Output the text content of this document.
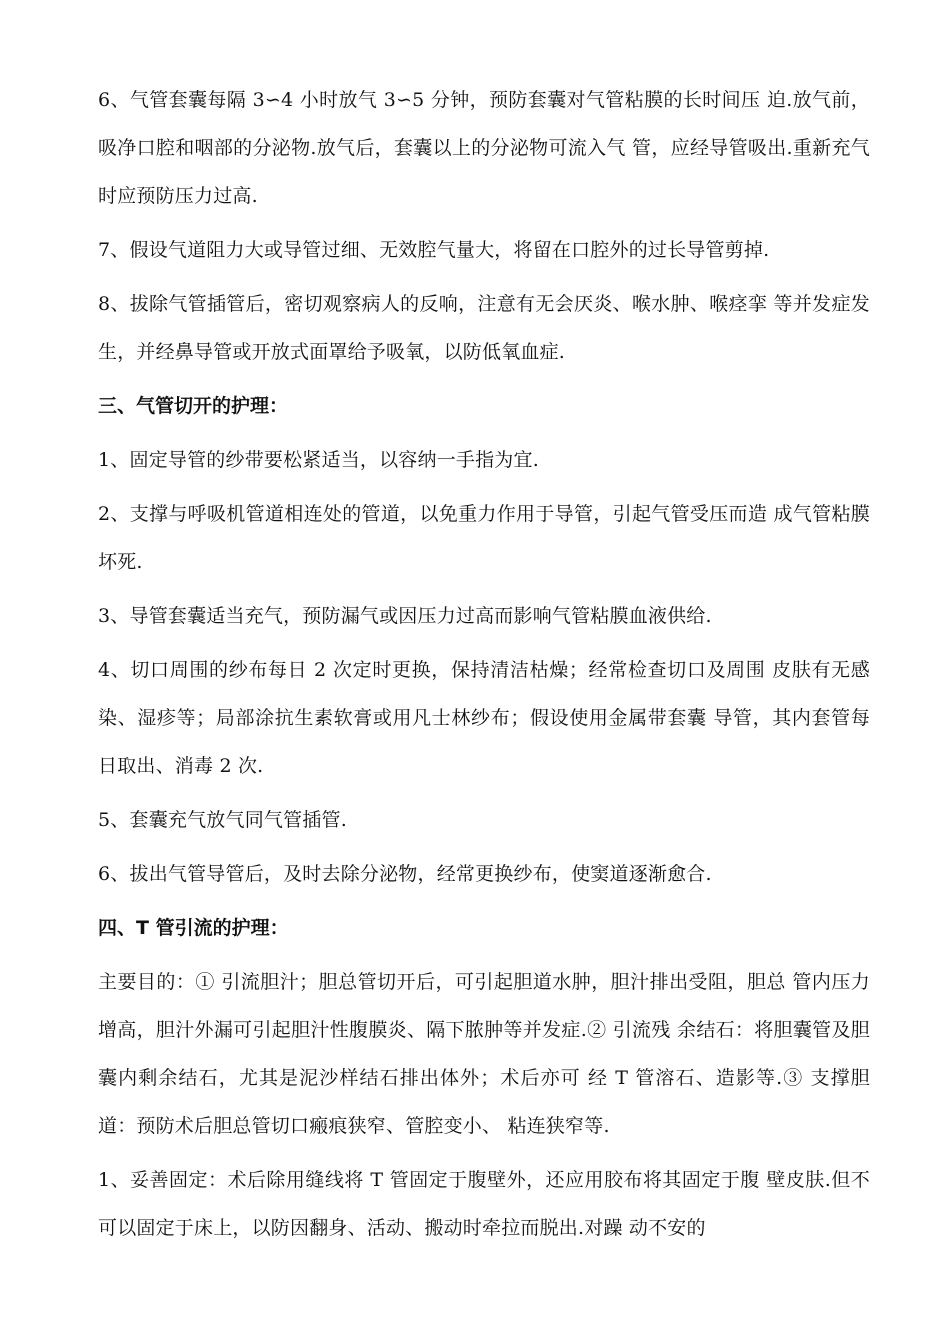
6、气管套囊每隔 3∽4 小时放气 3∽5 分钟，预防套囊对气管粘膜的长时间压 迫.放气前，吸净口腔和咽部的分泌物.放气后，套囊以上的分泌物可流入气 管，应经导管吸出.重新充气时应预防压力过高.

7、假设气道阻力大或导管过细、无效腔气量大，将留在口腔外的过长导管剪掉.

8、拔除气管插管后，密切观察病人的反响，注意有无会厌炎、喉水肿、喉痉挛 等并发症发生，并经鼻导管或开放式面罩给予吸氧，以防低氧血症.

三、气管切开的护理：

1、固定导管的纱带要松紧适当，以容纳一手指为宜.

2、支撑与呼吸机管道相连处的管道，以免重力作用于导管，引起气管受压而造 成气管粘膜坏死.

3、导管套囊适当充气，预防漏气或因压力过高而影响气管粘膜血液供给.

4、切口周围的纱布每日 2 次定时更换，保持清洁枯燥；经常检查切口及周围 皮肤有无感染、湿疹等；局部涂抗生素软膏或用凡士林纱布；假设使用金属带套囊 导管，其内套管每日取出、消毒 2 次.

5、套囊充气放气同气管插管.

6、拔出气管导管后，及时去除分泌物，经常更换纱布，使窦道逐渐愈合.

四、T 管引流的护理：

主要目的：① 引流胆汁；胆总管切开后，可引起胆道水肿，胆汁排出受阻，胆总 管内压力增高，胆汁外漏可引起胆汁性腹膜炎、隔下脓肿等并发症.② 引流残 余结石：将胆囊管及胆囊内剩余结石，尤其是泥沙样结石排出体外；术后亦可 经 T 管溶石、造影等.③ 支撑胆道：预防术后胆总管切口瘢痕狭窄、管腔变小、 粘连狭窄等.

1、妥善固定：术后除用缝线将 T 管固定于腹壁外，还应用胶布将其固定于腹 壁皮肤.但不可以固定于床上，以防因翻身、活动、搬动时牵拉而脱出.对躁 动不安的
